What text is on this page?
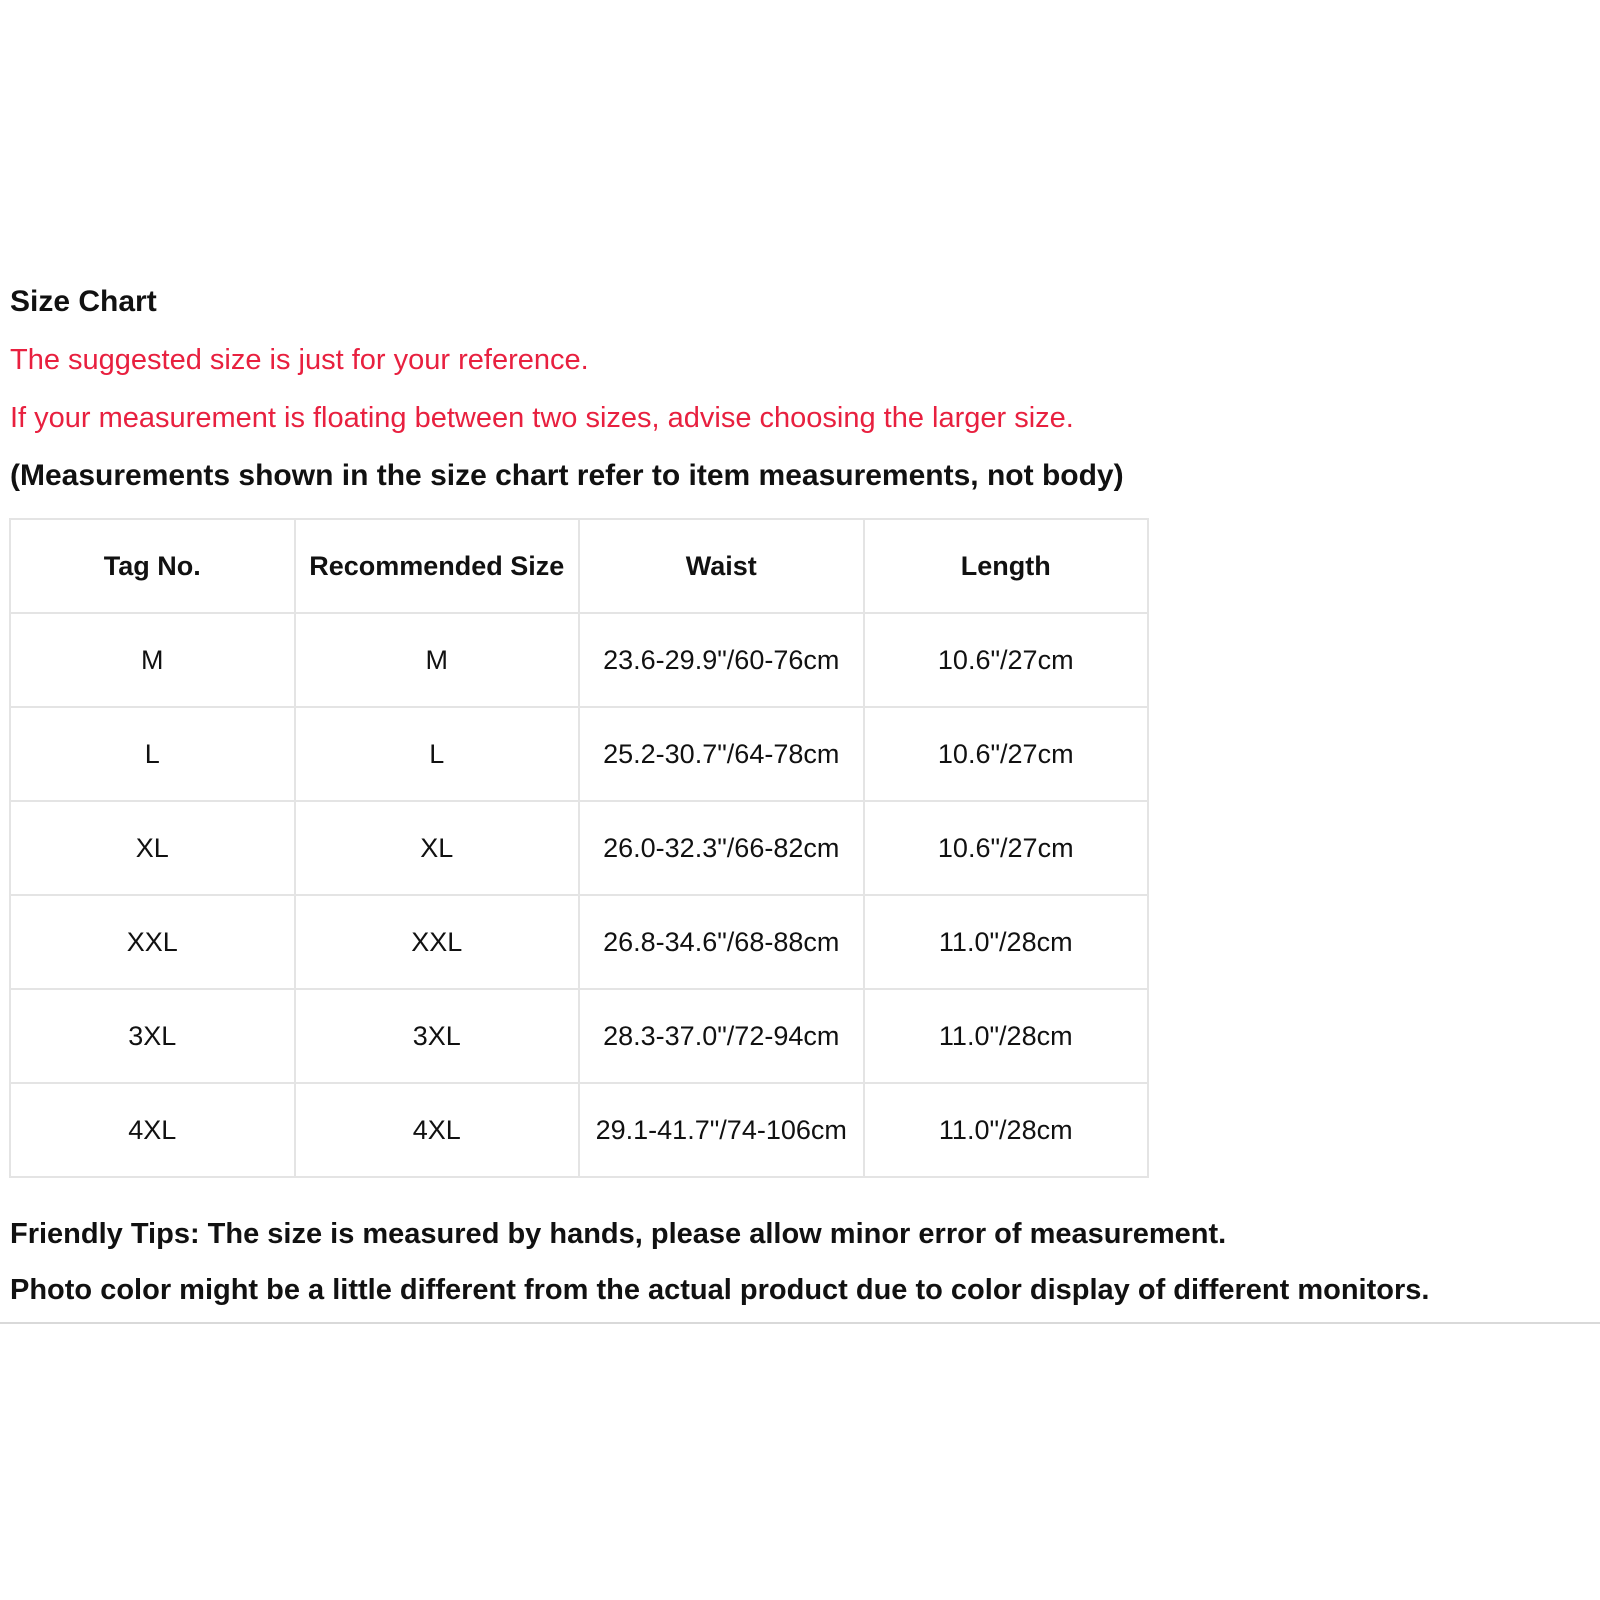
Size Chart
The suggested size is just for your reference.
If your measurement is floating between two sizes, advise choosing the larger size.
(Measurements shown in the size chart refer to item measurements, not body)
Tag No.	Recommended Size	Waist	Length
M	M	23.6-29.9"/60-76cm	10.6"/27cm
L	L	25.2-30.7"/64-78cm	10.6"/27cm
XL	XL	26.0-32.3"/66-82cm	10.6"/27cm
XXL	XXL	26.8-34.6"/68-88cm	11.0"/28cm
3XL	3XL	28.3-37.0"/72-94cm	11.0"/28cm
4XL	4XL	29.1-41.7"/74-106cm	11.0"/28cm
Friendly Tips: The size is measured by hands, please allow minor error of measurement.
Photo color might be a little different from the actual product due to color display of different monitors.
